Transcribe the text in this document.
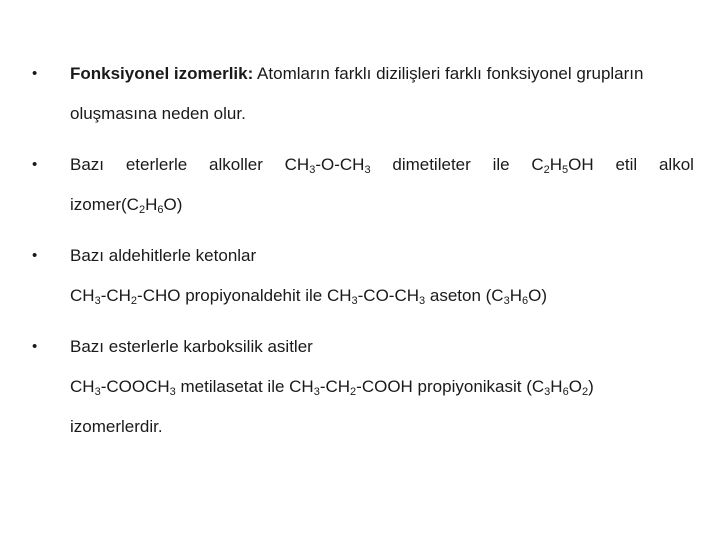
• Fonksiyonel izomerlik: Atomların farklı dizilişleri farklı fonksiyonel grupların
oluşmasına neden olur.
• Bazı eterlerle alkoller $CH_3-O-CH_3$ dimetileter ile $C_2H_5OH$ etil alkol
$izomer(C_2H_6O)$
• Bazı aldehitlerle ketonlar
$CH_3-CH_2$-CHO propiyonaldehit ile $CH_3-CO-CH_3$ aseton $(C_3H_6O)$
• Bazı esterlerle karboksilik asitler
$CH_3-COOCH_3$ metilasetat ile $CH_3-CH_2$-COOH propiyonikasit $(C_3H_6O_2)$
izomerlerdir.
